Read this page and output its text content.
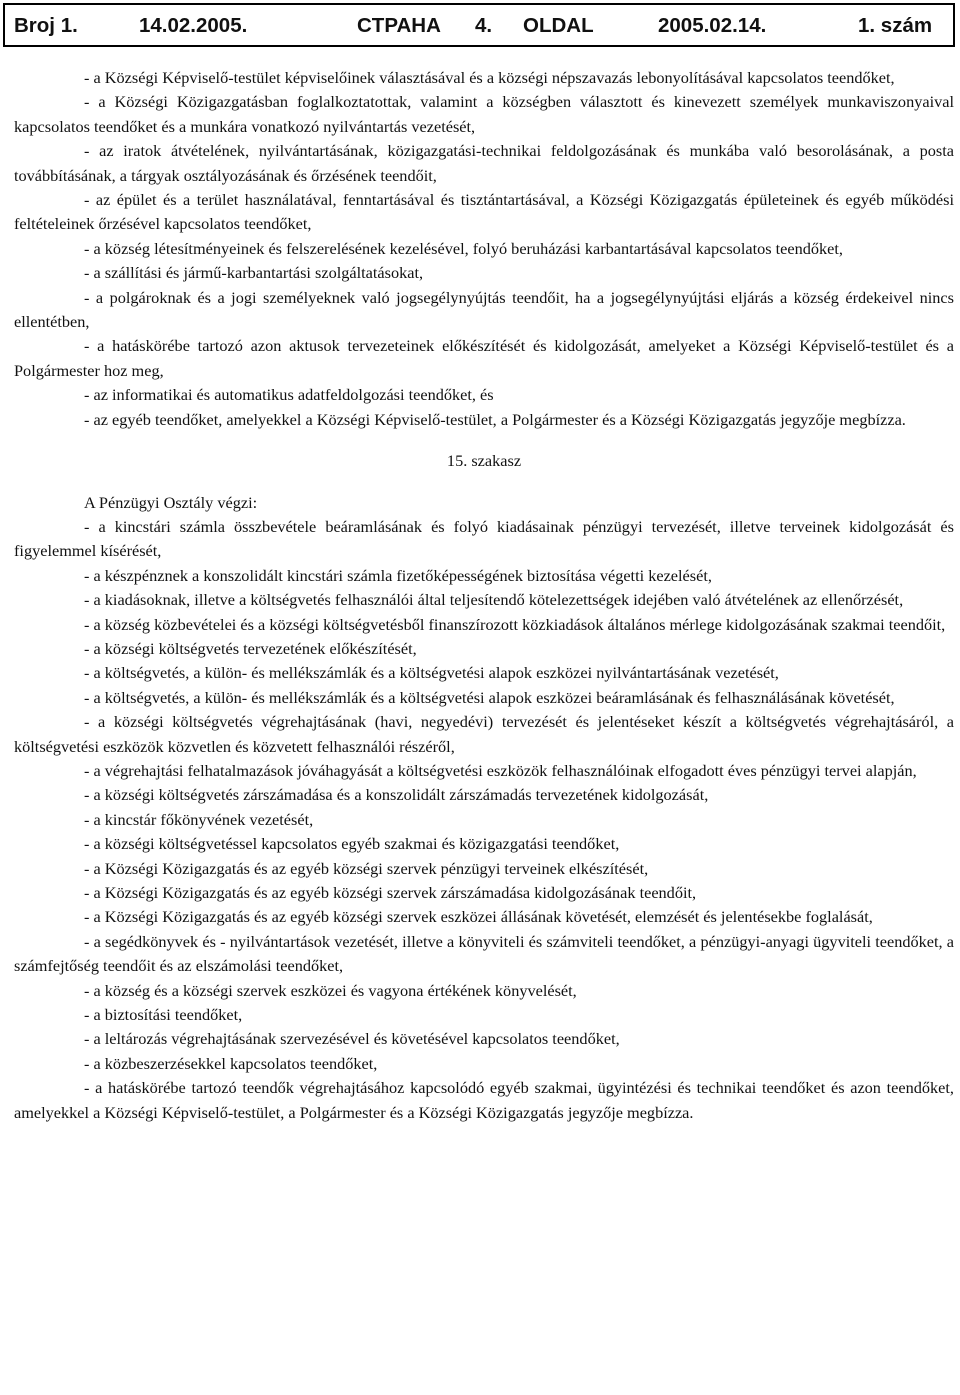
Broj 1.	14.02.2005.	CTPAHA 4. OLDAL	2005.02.14.	1. szám

- a Községi Képviselő-testület képviselőinek választásával és a községi népszavazás lebonyolításával kapcsolatos teendőket,

- a Községi Közigazgatásban foglalkoztatottak, valamint a községben választott és kinevezett személyek munkaviszonyaival kapcsolatos teendőket és a munkára vonatkozó nyilvántartás vezetését,

- az iratok átvételének, nyilvántartásának, közigazgatási-technikai feldolgozásának és munkába való besorolásának, a posta továbbításának, a tárgyak osztályozásának és őrzésének teendőit,

- az épület és a terület használatával, fenntartásával és tisztántartásával, a Községi Közigazgatás épületeinek és egyéb működési feltételeinek őrzésével kapcsolatos teendőket,

- a község létesítményeinek és felszerelésének kezelésével, folyó beruházási karbantartásával kapcsolatos teendőket,

- a szállítási és jármű-karbantartási szolgáltatásokat,

- a polgároknak és a jogi személyeknek való jogsegélynyújtás teendőit, ha a jogsegélynyújtási eljárás a község érdekeivel nincs ellentétben,

- a hatáskörébe tartozó azon aktusok tervezeteinek előkészítését és kidolgozását, amelyeket a Községi Képviselő-testület és a Polgármester hoz meg,

- az informatikai és automatikus adatfeldolgozási teendőket, és

- az egyéb teendőket, amelyekkel a Községi Képviselő-testület, a Polgármester és a Községi Közigazgatás jegyzője megbízza.

15. szakasz

A Pénzügyi Osztály végzi:

- a kincstári számla összbevétele beáramlásának és folyó kiadásainak pénzügyi tervezését, illetve terveinek kidolgozását és figyelemmel kísérését,

- a készpénznek a konszolidált kincstári számla fizetőképességének biztosítása végetti kezelését,

- a kiadásoknak, illetve a költségvetés felhasználói által teljesítendő kötelezettségek idejében való átvételének az ellenőrzését,

- a község közbevételei és a községi költségvetésből finanszírozott közkiadások általános mérlege kidolgozásának szakmai teendőit,

- a községi költségvetés tervezetének előkészítését,

- a költségvetés, a külön- és mellékszámlák és a költségvetési alapok eszközei nyilvántartásának vezetését,

- a költségvetés, a külön- és mellékszámlák és a költségvetési alapok eszközei beáramlásának és felhasználásának követését,

- a községi költségvetés végrehajtásának (havi, negyedévi) tervezését és jelentéseket készít a költségvetés végrehajtásáról, a költségvetési eszközök közvetlen és közvetett felhasználói részéről,

- a végrehajtási felhatalmazások jóváhagyását a költségvetési eszközök felhasználóinak elfogadott éves pénzügyi tervei alapján,

- a községi költségvetés zárszámadása és a konszolidált zárszámadás tervezetének kidolgozását,

- a kincstár főkönyvének vezetését,

- a községi költségvetéssel kapcsolatos egyéb szakmai és közigazgatási teendőket,

- a Községi Közigazgatás és az egyéb községi szervek pénzügyi terveinek elkészítését,

- a Községi Közigazgatás és az egyéb községi szervek zárszámadása kidolgozásának teendőit,

- a Községi Közigazgatás és az egyéb községi szervek eszközei állásának követését, elemzését és jelentésekbe foglalását,

- a segédkönyvek és - nyilvántartások vezetését, illetve a könyviteli és számviteli teendőket, a pénzügyi-anyagi ügyviteli teendőket, a számfejtőség teendőit és az elszámolási teendőket,

- a község és a községi szervek eszközei és vagyona értékének könyvelését,

- a biztosítási teendőket,

- a leltározás végrehajtásának szervezésével és követésével kapcsolatos teendőket,

- a közbeszerzésekkel kapcsolatos teendőket,

- a hatáskörébe tartozó teendők végrehajtásához kapcsolódó egyéb szakmai, ügyintézési és technikai teendőket és azon teendőket, amelyekkel a Községi Képviselő-testület, a Polgármester és a Községi Közigazgatás jegyzője megbízza.
